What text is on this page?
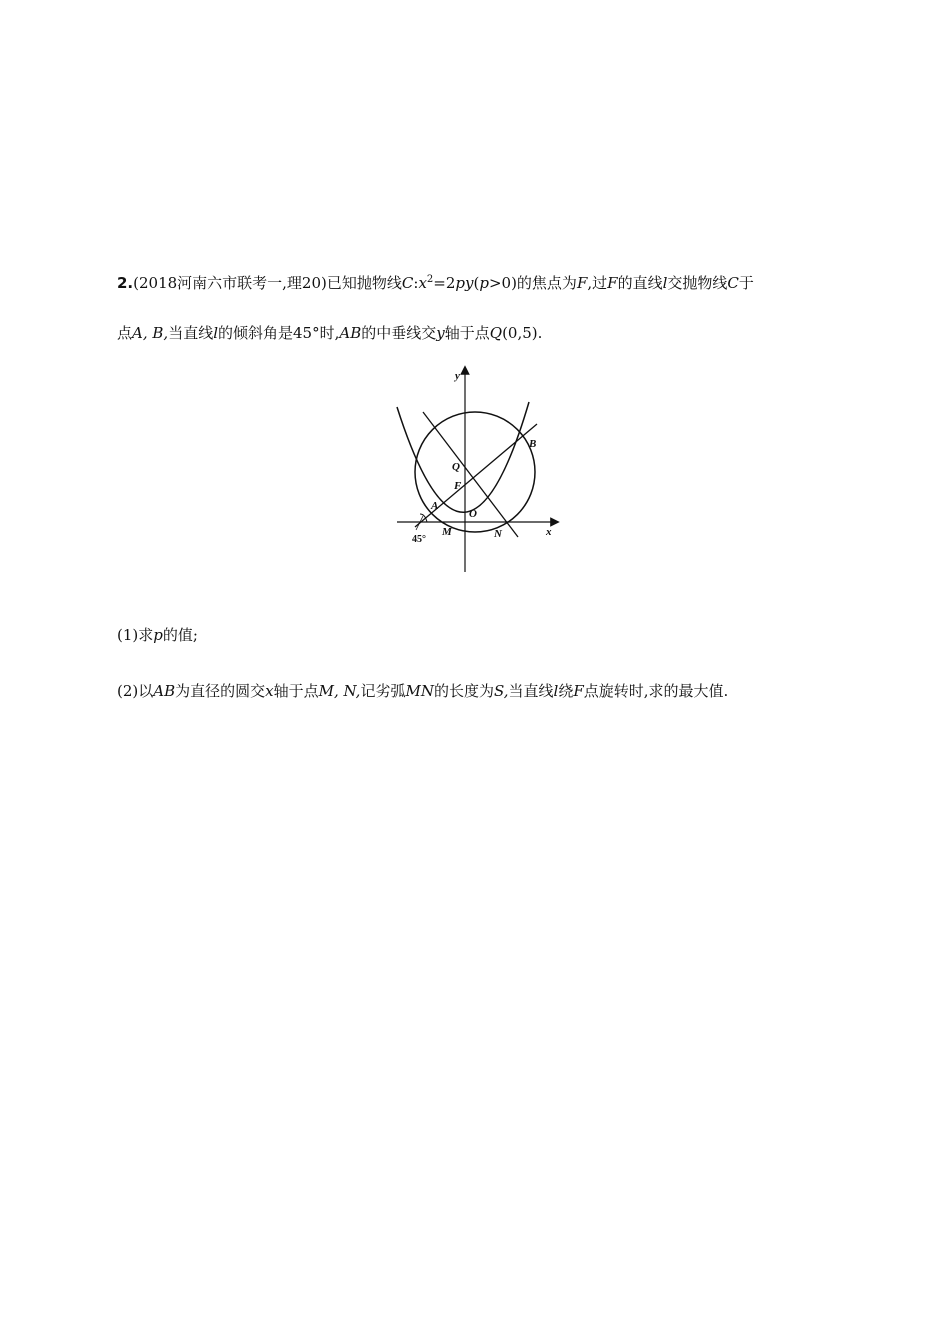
2.(2018河南六市联考一,理20)已知抛物线$C:x^2=2py(p>0)$的焦点为F,过F的直线l交抛物线C于
点A, B,当直线l的倾斜角是45°时,AB的中垂线交y轴于点Q(0,5).
y
x
B
Q
F
A
O
M	N
45°
(1)求p的值;
(2)以AB为直径的圆交x轴于点M, N,记劣弧MN的长度为S,当直线l绕F点旋转时,求的最大值.
